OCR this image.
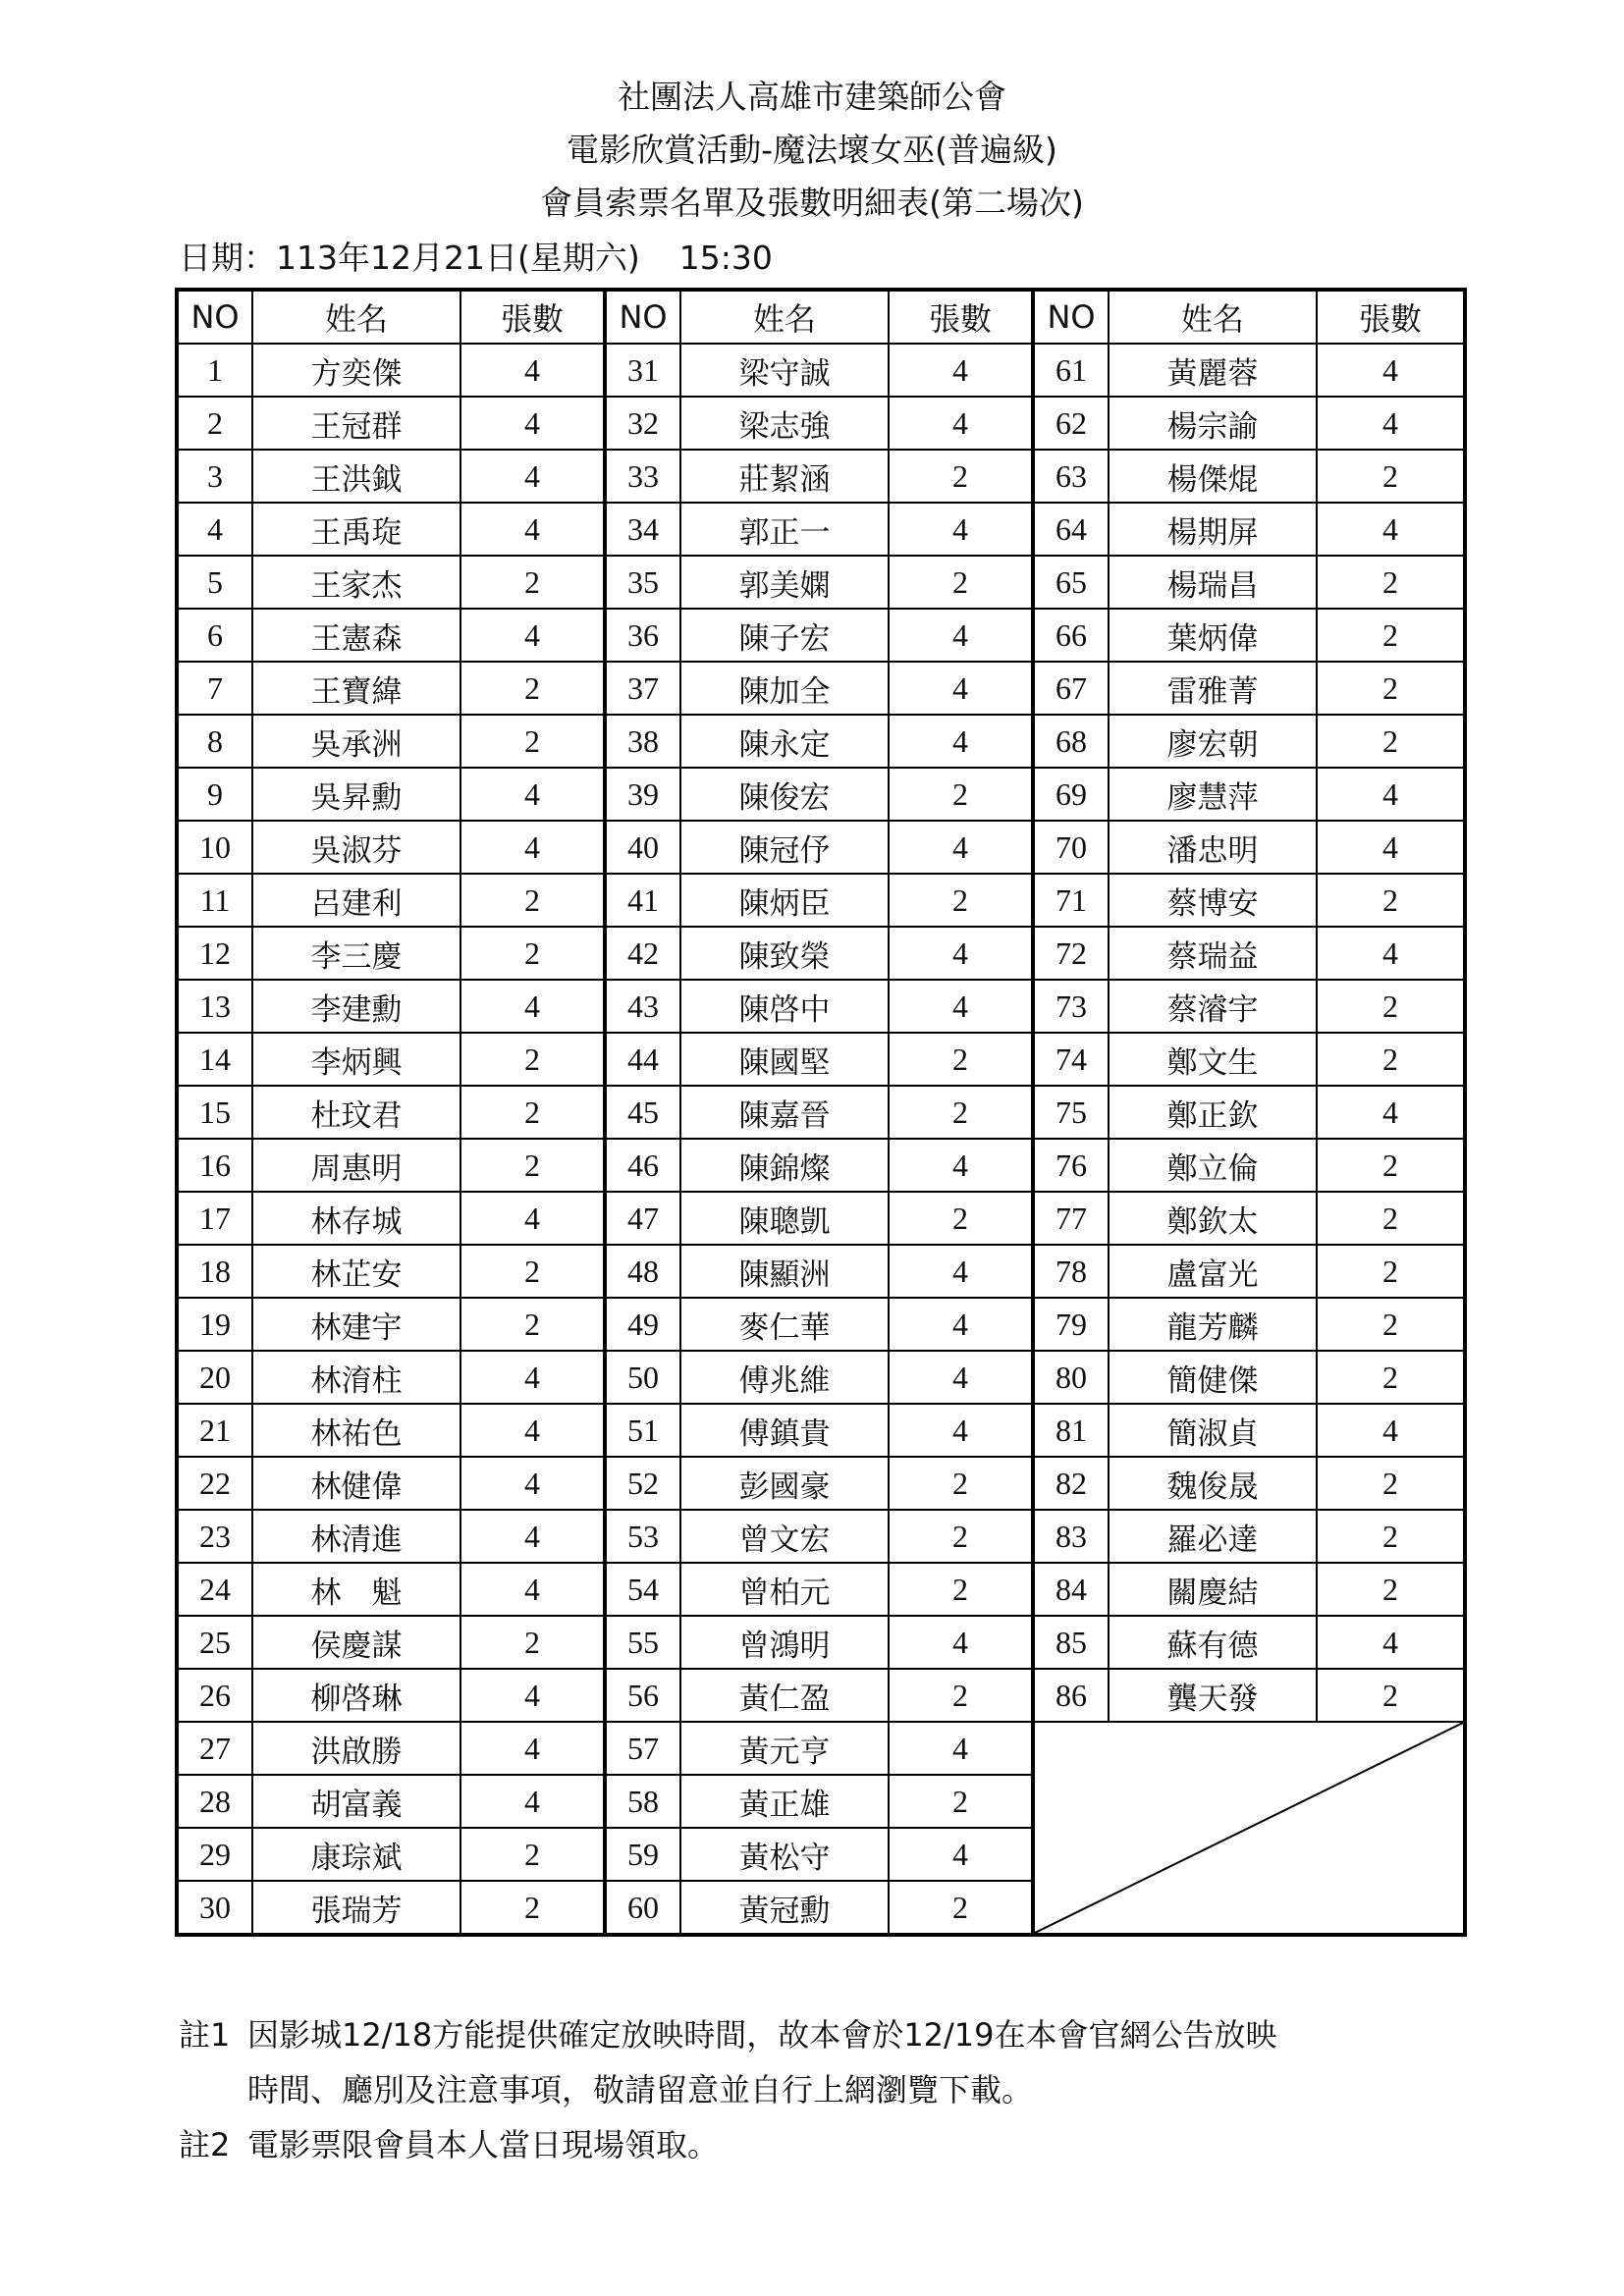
社團法人高雄市建築師公會
電影欣賞活動-魔法壞女巫(普遍級)
會員索票名單及張數明細表(第二場次)
日期：113年12月21日(星期六) 15:30
NO	姓名	張數	NO	姓名	張數	NO	姓名	張數
1	方奕傑	4	31	梁守誠	4	61	黃麗蓉	4
2	王冠群	4	32	梁志強	4	62	楊宗諭	4
3	王洪鉞	4	33	莊絜涵	2	63	楊傑焜	2
4	王禹琁	4	34	郭正一	4	64	楊期屏	4
5	王家杰	2	35	郭美嫻	2	65	楊瑞昌	2
6	王憲森	4	36	陳子宏	4	66	葉炳偉	2
7	王寶緯	2	37	陳加全	4	67	雷雅菁	2
8	吳承洲	2	38	陳永定	4	68	廖宏朝	2
9	吳昇勳	4	39	陳俊宏	2	69	廖慧萍	4
10	吳淑芬	4	40	陳冠伃	4	70	潘忠明	4
11	呂建利	2	41	陳炳臣	2	71	蔡博安	2
12	李三慶	2	42	陳致榮	4	72	蔡瑞益	4
13	李建勳	4	43	陳啓中	4	73	蔡濬宇	2
14	李炳興	2	44	陳國堅	2	74	鄭文生	2
15	杜玟君	2	45	陳嘉晉	2	75	鄭正欽	4
16	周惠明	2	46	陳錦燦	4	76	鄭立倫	2
17	林存城	4	47	陳聰凱	2	77	鄭欽太	2
18	林芷安	2	48	陳顯洲	4	78	盧富光	2
19	林建宇	2	49	麥仁華	4	79	龍芳麟	2
20	林淯柱	4	50	傅兆維	4	80	簡健傑	2
21	林祐色	4	51	傅鎮貴	4	81	簡淑貞	4
22	林健偉	4	52	彭國豪	2	82	魏俊晟	2
23	林清進	4	53	曾文宏	2	83	羅必達	2
24	林　魁	4	54	曾柏元	2	84	關慶結	2
25	侯慶謀	2	55	曾鴻明	4	85	蘇有德	4
26	柳啓琳	4	56	黃仁盈	2	86	龔天發	2
27	洪啟勝	4	57	黃元亨	4	

28	胡富義	4	58	黃正雄	2			
29	康琮斌	2	59	黃松守	4			
30	張瑞芳	2	60	黃冠勳	2			
註1 因影城12/18方能提供確定放映時間，故本會於12/19在本會官網公告放映
時間、廳別及注意事項，敬請留意並自行上網瀏覽下載。
註2 電影票限會員本人當日現場領取。
